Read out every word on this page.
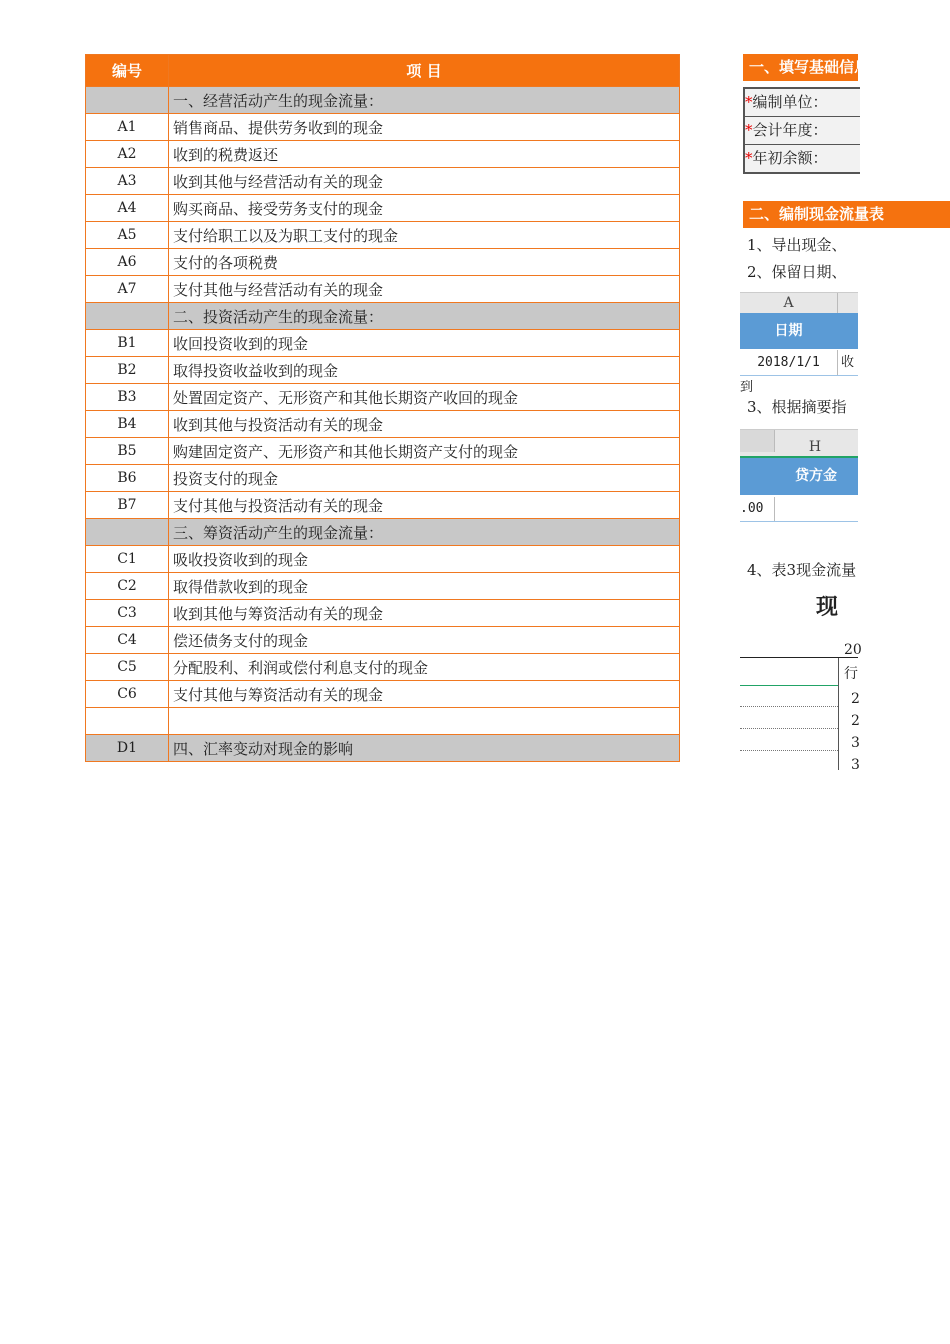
编号	项 目
	一、经营活动产生的现金流量：
A1	销售商品、提供劳务收到的现金
A2	收到的税费返还
A3	收到其他与经营活动有关的现金
A4	购买商品、接受劳务支付的现金
A5	支付给职工以及为职工支付的现金
A6	支付的各项税费
A7	支付其他与经营活动有关的现金
	二、投资活动产生的现金流量：
B1	收回投资收到的现金
B2	取得投资收益收到的现金
B3	处置固定资产、无形资产和其他长期资产收回的现金
B4	收到其他与投资活动有关的现金
B5	购建固定资产、无形资产和其他长期资产支付的现金
B6	投资支付的现金
B7	支付其他与投资活动有关的现金
	三、筹资活动产生的现金流量：
C1	吸收投资收到的现金
C2	取得借款收到的现金
C3	收到其他与筹资活动有关的现金
C4	偿还债务支付的现金
C5	分配股利、利润或偿付利息支付的现金
C6	支付其他与筹资活动有关的现金

D1	四、汇率变动对现金的影响
二、编制现金流量表
一、填写基础信息
*编制单位：
*会计年度：
*年初余额：
1、导出现金、
2、保留日期、
A
日期
2018/1/1 收到
3、根据摘要指
H
贷方金
.00
4、表3现金流量
现
20
行
2
2
3
3
